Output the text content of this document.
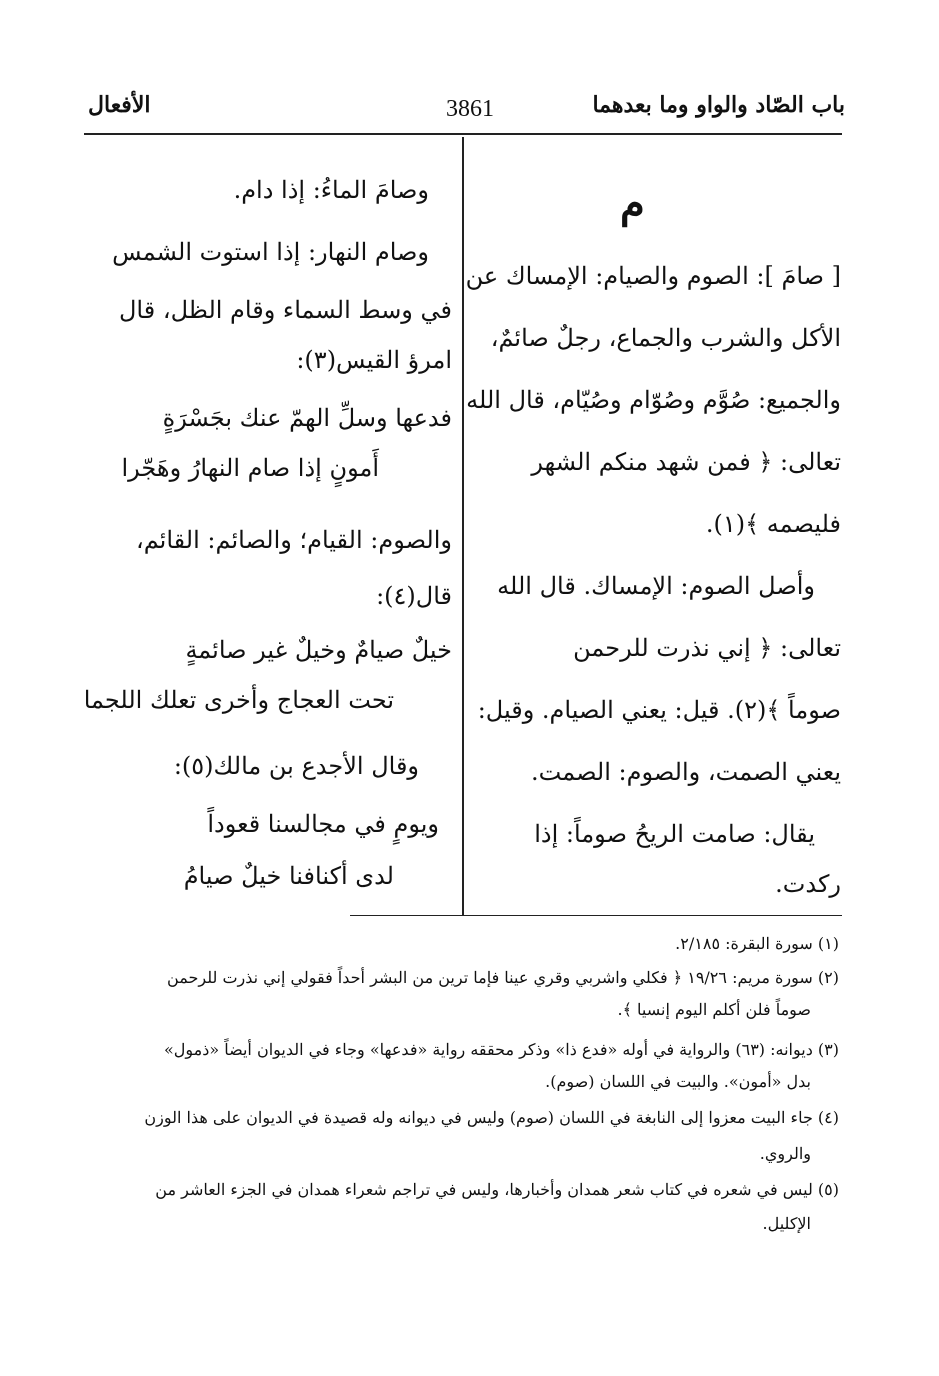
باب الصّاد والواو وما بعدهما
3861
الأفعال
م
[ صامَ ]: الصوم والصيام: الإمساك عن
الأكل والشرب والجماع، رجلٌ صائمٌ،
والجميع: صُوَّم وصُوّام وصُيّام، قال الله
تعالى: ﴿ فمن شهد منكم الشهر
فليصمه ﴾(١).
وأصل الصوم: الإمساك. قال الله
تعالى: ﴿ إني نذرت للرحمن
صوماً ﴾(٢). قيل: يعني الصيام. وقيل:
يعني الصمت، والصوم: الصمت.
يقال: صامت الريحُ صوماً: إذا
ركدت.
وصامَ الماءُ: إذا دام.
وصام النهار: إذا استوت الشمس
في وسط السماء وقام الظل، قال
امرؤ القيس(٣):
فدعها وسلِّ الهمّ عنك بجَسْرَةٍ
أَمونٍ إذا صام النهارُ وهَجّرا
والصوم: القيام؛ والصائم: القائم،
قال(٤):
خيلٌ صيامٌ وخيلٌ غير صائمةٍ
تحت العجاج وأخرى تعلك اللجما
وقال الأجدع بن مالك(٥):
ويومٍ في مجالسنا قعوداً
لدى أكنافنا خيلٌ صيامُ
(١) سورة البقرة: ٢/١٨٥.
(٢) سورة مريم: ١٩/٢٦ ﴿ فكلي واشربي وقري عينا فإما ترين من البشر أحداً فقولي إني نذرت للرحمن
صوماً فلن أكلم اليوم إنسيا ﴾.
(٣) ديوانه: (٦٣) والرواية في أوله «فدع ذا» وذكر محققه رواية «فدعها» وجاء في الديوان أيضاً «ذمول»
بدل «أمون». والبيت في اللسان (صوم).
(٤) جاء البيت معزوا إلى النابغة في اللسان (صوم) وليس في ديوانه وله قصيدة في الديوان على هذا الوزن
والروي.
(٥) ليس في شعره في كتاب شعر همدان وأخبارها، وليس في تراجم شعراء همدان في الجزء العاشر من
الإكليل.
